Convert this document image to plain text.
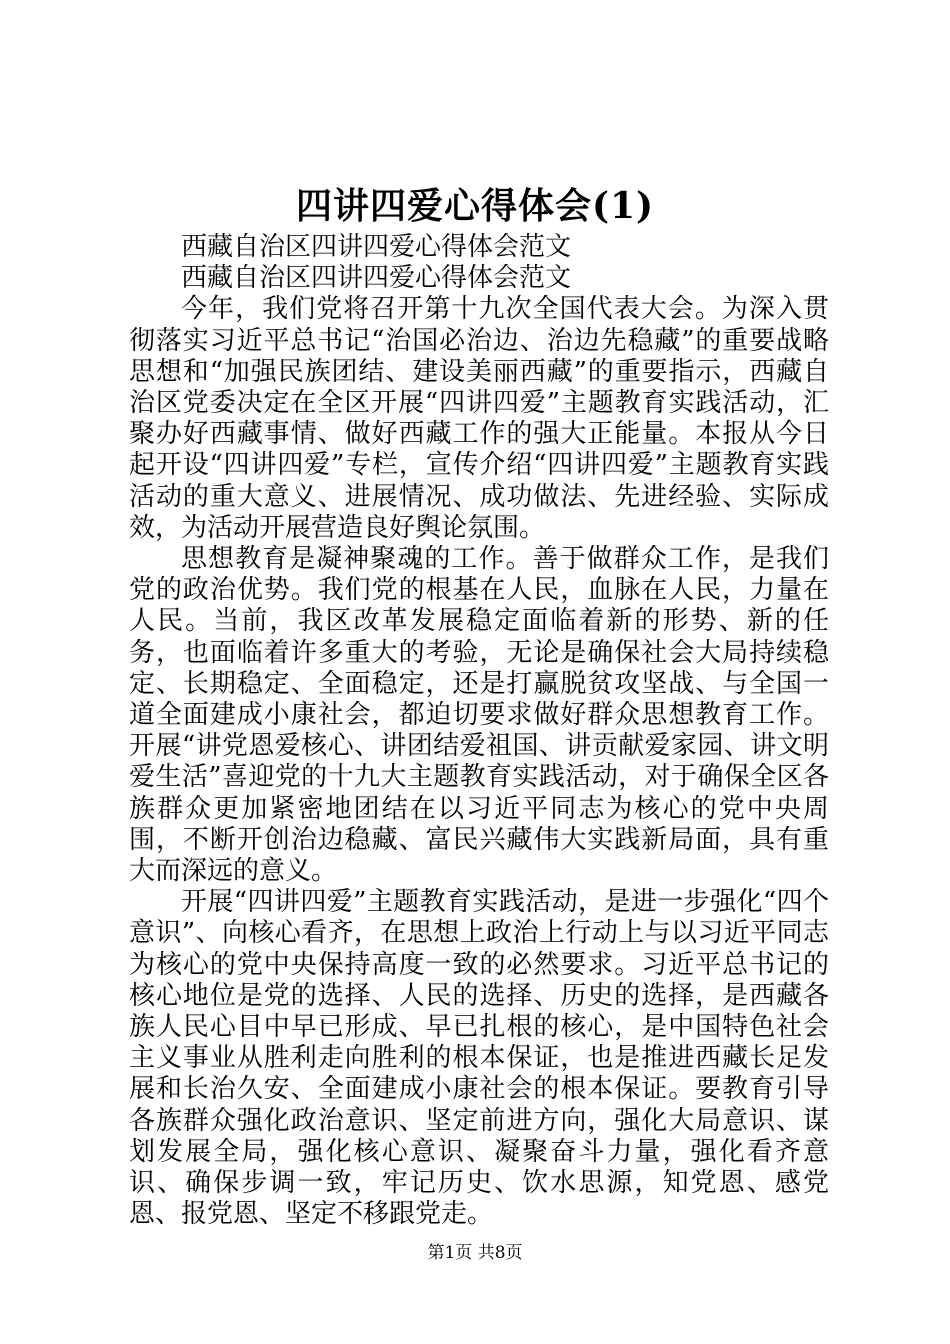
四讲四爱心得体会(1)

西藏自治区四讲四爱心得体会范文

西藏自治区四讲四爱心得体会范文

今年，我们党将召开第十九次全国代表大会。为深入贯彻落实习近平总书记“治国必治边、治边先稳藏”的重要战略思想和“加强民族团结、建设美丽西藏”的重要指示，西藏自治区党委决定在全区开展“四讲四爱”主题教育实践活动，汇聚办好西藏事情、做好西藏工作的强大正能量。本报从今日起开设“四讲四爱”专栏，宣传介绍“四讲四爱”主题教育实践活动的重大意义、进展情况、成功做法、先进经验、实际成效，为活动开展营造良好舆论氛围。

思想教育是凝神聚魂的工作。善于做群众工作，是我们党的政治优势。我们党的根基在人民，血脉在人民，力量在人民。当前，我区改革发展稳定面临着新的形势、新的任务，也面临着许多重大的考验，无论是确保社会大局持续稳定、长期稳定、全面稳定，还是打赢脱贫攻坚战、与全国一道全面建成小康社会，都迫切要求做好群众思想教育工作。开展“讲党恩爱核心、讲团结爱祖国、讲贡献爱家园、讲文明爱生活”喜迎党的十九大主题教育实践活动，对于确保全区各族群众更加紧密地团结在以习近平同志为核心的党中央周围，不断开创治边稳藏、富民兴藏伟大实践新局面，具有重大而深远的意义。

开展“四讲四爱”主题教育实践活动，是进一步强化“四个意识”、向核心看齐，在思想上政治上行动上与以习近平同志为核心的党中央保持高度一致的必然要求。习近平总书记的核心地位是党的选择、人民的选择、历史的选择，是西藏各族人民心目中早已形成、早已扎根的核心，是中国特色社会主义事业从胜利走向胜利的根本保证，也是推进西藏长足发展和长治久安、全面建成小康社会的根本保证。要教育引导各族群众强化政治意识、坚定前进方向，强化大局意识、谋划发展全局，强化核心意识、凝聚奋斗力量，强化看齐意识、确保步调一致，牢记历史、饮水思源，知党恩、感党恩、报党恩、坚定不移跟党走。

第1页 共8页
